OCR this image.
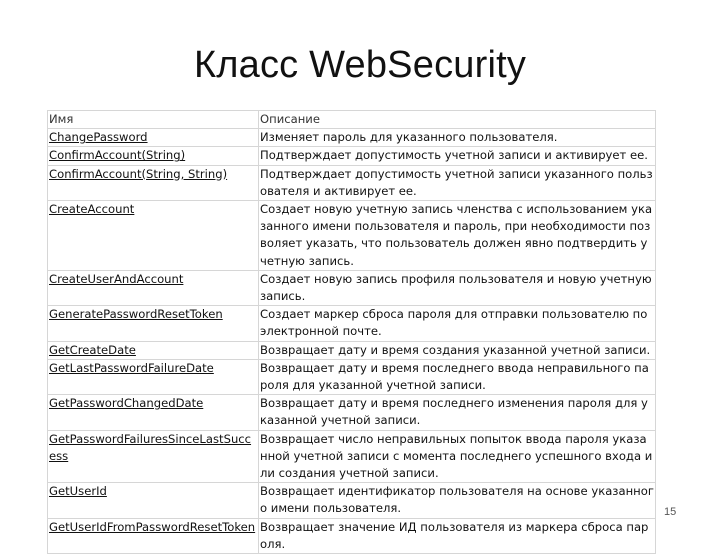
Класс WebSecurity
Имя	Описание
ChangePassword	Изменяет пароль для указанного пользователя.
ConfirmAccount(String)	Подтверждает допустимость учетной записи и активирует ее.
ConfirmAccount(String, String)	Подтверждает допустимость учетной записи указанного пользователя и активирует ее.
CreateAccount	Создает новую учетную запись членства с использованием указанного имени пользователя и пароль, при необходимости позволяет указать, что пользователь должен явно подтвердить учетную запись.
CreateUserAndAccount	Создает новую запись профиля пользователя и новую учетную запись.
GeneratePasswordResetToken	Создает маркер сброса пароля для отправки пользователю по электронной почте.
GetCreateDate	Возвращает дату и время создания указанной учетной записи.
GetLastPasswordFailureDate	Возвращает дату и время последнего ввода неправильного пароля для указанной учетной записи.
GetPasswordChangedDate	Возвращает дату и время последнего изменения пароля для указанной учетной записи.
GetPasswordFailuresSinceLastSuccess	Возвращает число неправильных попыток ввода пароля указанной учетной записи с момента последнего успешного входа или создания учетной записи.
GetUserId	Возвращает идентификатор пользователя на основе указанного имени пользователя.
GetUserIdFromPasswordResetToken	Возвращает значение ИД пользователя из маркера сброса пароля.
15
